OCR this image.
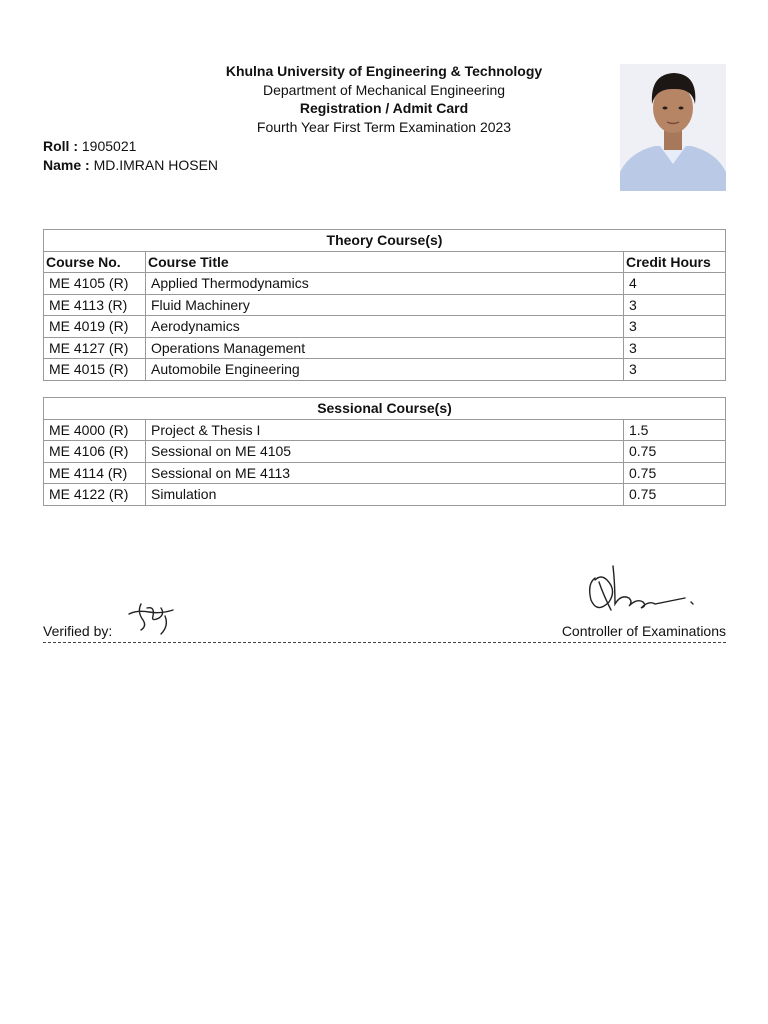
Khulna University of Engineering & Technology
Department of Mechanical Engineering
Registration / Admit Card
Fourth Year First Term Examination 2023
Roll : 1905021
Name : MD.IMRAN HOSEN
Theory Course(s)		
Course No.	Course Title	Credit Hours
ME 4105 (R)	Applied Thermodynamics	4
ME 4113 (R)	Fluid Machinery	3
ME 4019 (R)	Aerodynamics	3
ME 4127 (R)	Operations Management	3
ME 4015 (R)	Automobile Engineering	3
Sessional Course(s)		
ME 4000 (R)	Project & Thesis I	1.5
ME 4106 (R)	Sessional on ME 4105	0.75
ME 4114 (R)	Sessional on ME 4113	0.75
ME 4122 (R)	Simulation	0.75
Verified by:	Controller of Examinations
